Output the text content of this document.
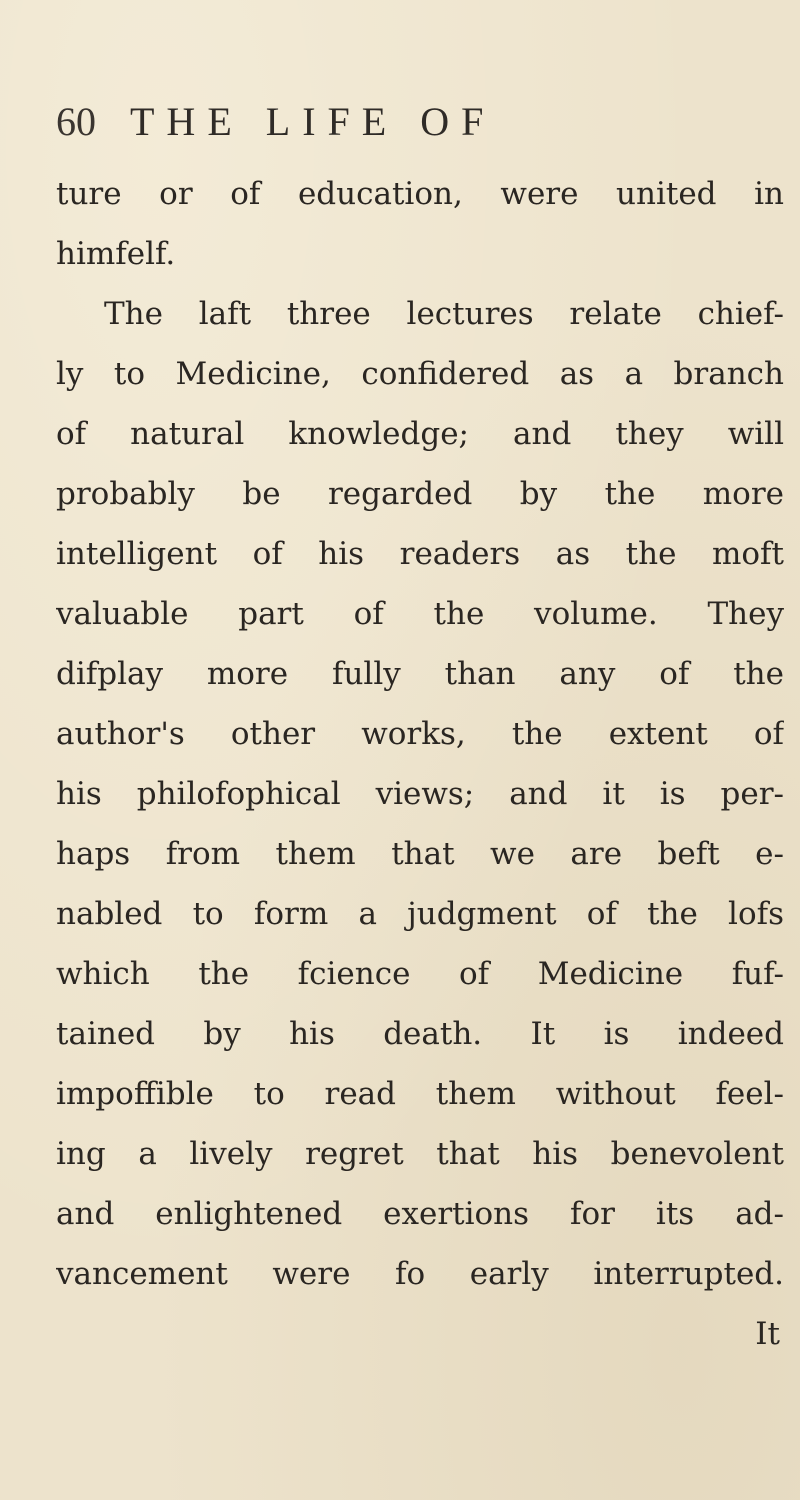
60 THE LIFE OF
ture or of education, were united in
himfelf.
The laft three lectures relate chief-
ly to Medicine, confidered as a branch
of natural knowledge; and they will
probably be regarded by the more
intelligent of his readers as the moft
valuable part of the volume. They
difplay more fully than any of the
author's other works, the extent of
his philofophical views; and it is per-
haps from them that we are beft e-
nabled to form a judgment of the lofs
which the fcience of Medicine fuf-
tained by his death. It is indeed
impoffible to read them without feel-
ing a lively regret that his benevolent
and enlightened exertions for its ad-
vancement were fo early interrupted.
It
